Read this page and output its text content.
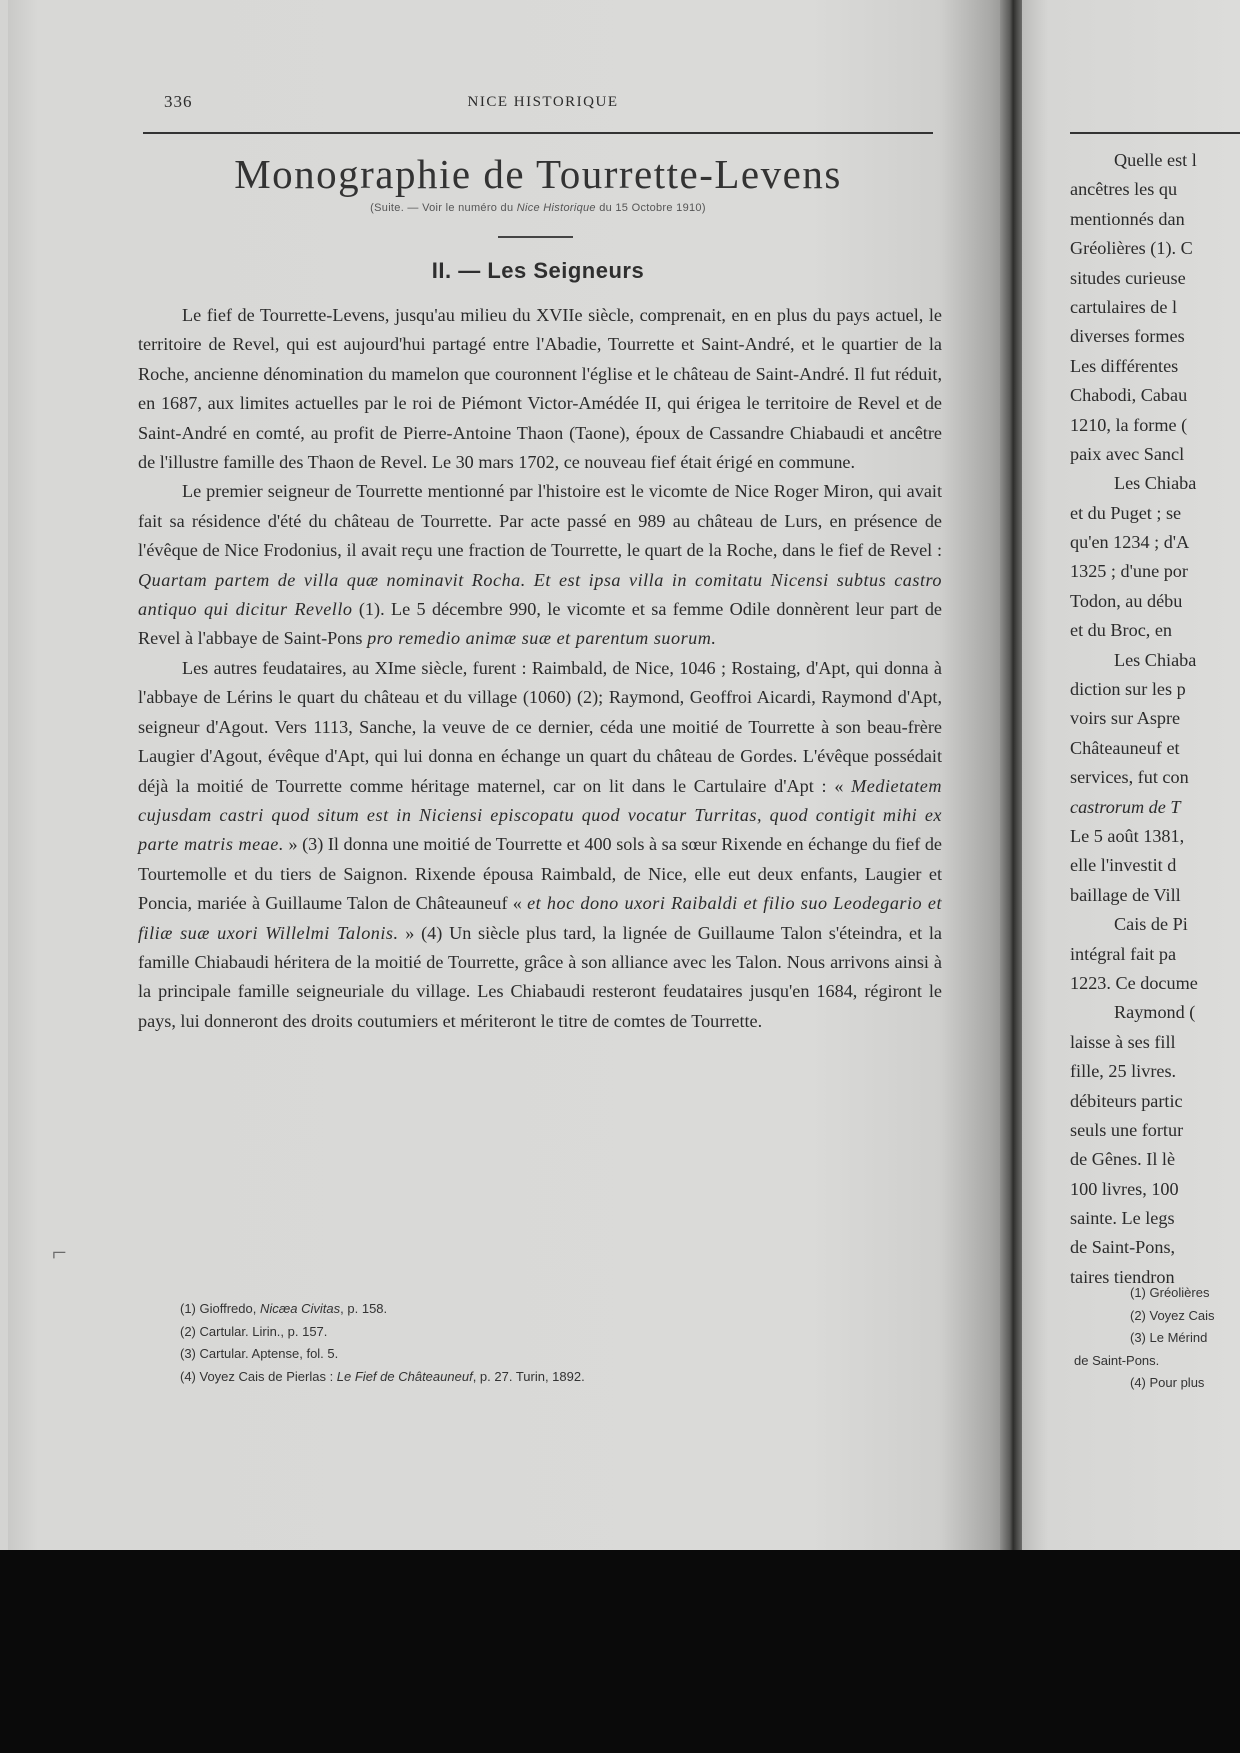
336	NICE HISTORIQUE
Monographie de Tourrette-Levens
(Suite. — Voir le numéro du Nice Historique du 15 Octobre 1910)
II. — Les Seigneurs

Le fief de Tourrette-Levens, jusqu'au milieu du XVIIe siècle, comprenait, en en plus du pays actuel, le territoire de Revel, qui est aujourd'hui partagé entre l'Abadie, Tourrette et Saint-André, et le quartier de la Roche, ancienne dénomination du mamelon que couronnent l'église et le château de Saint-André. Il fut réduit, en 1687, aux limites actuelles par le roi de Piémont Victor-Amédée II, qui érigea le territoire de Revel et de Saint-André en comté, au profit de Pierre-Antoine Thaon (Taone), époux de Cassandre Chiabaudi et ancêtre de l'illustre famille des Thaon de Revel. Le 30 mars 1702, ce nouveau fief était érigé en commune.

Le premier seigneur de Tourrette mentionné par l'histoire est le vicomte de Nice Roger Miron, qui avait fait sa résidence d'été du château de Tourrette. Par acte passé en 989 au château de Lurs, en présence de l'évêque de Nice Frodonius, il avait reçu une fraction de Tourrette, le quart de la Roche, dans le fief de Revel : Quartam partem de villa quæ nominavit Rocha. Et est ipsa villa in comitatu Nicensi subtus castro antiquo qui dicitur Revello (1). Le 5 décembre 990, le vicomte et sa femme Odile donnèrent leur part de Revel à l'abbaye de Saint-Pons pro remedio animæ suæ et parentum suorum.

Les autres feudataires, au XIme siècle, furent : Raimbald, de Nice, 1046 ; Rostaing, d'Apt, qui donna à l'abbaye de Lérins le quart du château et du village (1060) (2); Raymond, Geoffroi Aicardi, Raymond d'Apt, seigneur d'Agout. Vers 1113, Sanche, la veuve de ce dernier, céda une moitié de Tourrette à son beau-frère Laugier d'Agout, évêque d'Apt, qui lui donna en échange un quart du château de Gordes. L'évêque possédait déjà la moitié de Tourrette comme héritage maternel, car on lit dans le Cartulaire d'Apt : « Medietatem cujusdam castri quod situm est in Niciensi episcopatu quod vocatur Turritas, quod contigit mihi ex parte matris meae. » (3) Il donna une moitié de Tourrette et 400 sols à sa sœur Rixende en échange du fief de Tourtemolle et du tiers de Saignon. Rixende épousa Raimbald, de Nice, elle eut deux enfants, Laugier et Poncia, mariée à Guillaume Talon de Châteauneuf « et hoc dono uxori Raibaldi et filio suo Leodegario et filiæ suæ uxori Willelmi Talonis. » (4) Un siècle plus tard, la lignée de Guillaume Talon s'éteindra, et la famille Chiabaudi héritera de la moitié de Tourrette, grâce à son alliance avec les Talon. Nous arrivons ainsi à la principale famille seigneuriale du village. Les Chiabaudi resteront feudataires jusqu'en 1684, régiront le pays, lui donneront des droits coutumiers et mériteront le titre de comtes de Tourrette.

(1) Gioffredo, Nicæa Civitas, p. 158.
(2) Cartular. Lirin., p. 157.
(3) Cartular. Aptense, fol. 5.
(4) Voyez Cais de Pierlas : Le Fief de Châteauneuf, p. 27. Turin, 1892.
⌐
Quelle est l
ancêtres les qu
mentionnés dan
Gréolières (1). C
situdes curieuse
cartulaires de l
diverses formes
Les différentes
Chabodi, Cabau
1210, la forme (
paix avec Sancl
Les Chiaba
et du Puget ; se
qu'en 1234 ; d'A
1325 ; d'une por
Todon, au débu
et du Broc, en
Les Chiaba
diction sur les p
voirs sur Aspre
Châteauneuf et
services, fut con
castrorum de T
Le 5 août 1381,
elle l'investit d
baillage de Vill
Cais de Pi
intégral fait pa
1223. Ce docume
Raymond (
laisse à ses fill
fille, 25 livres.
débiteurs partic
seuls une fortur
de Gênes. Il lè
100 livres, 100
sainte. Le legs
de Saint-Pons,
taires tiendron
(1) Gréolières
(2) Voyez Cais
(3) Le Mérind
de Saint-Pons.
(4) Pour plus
